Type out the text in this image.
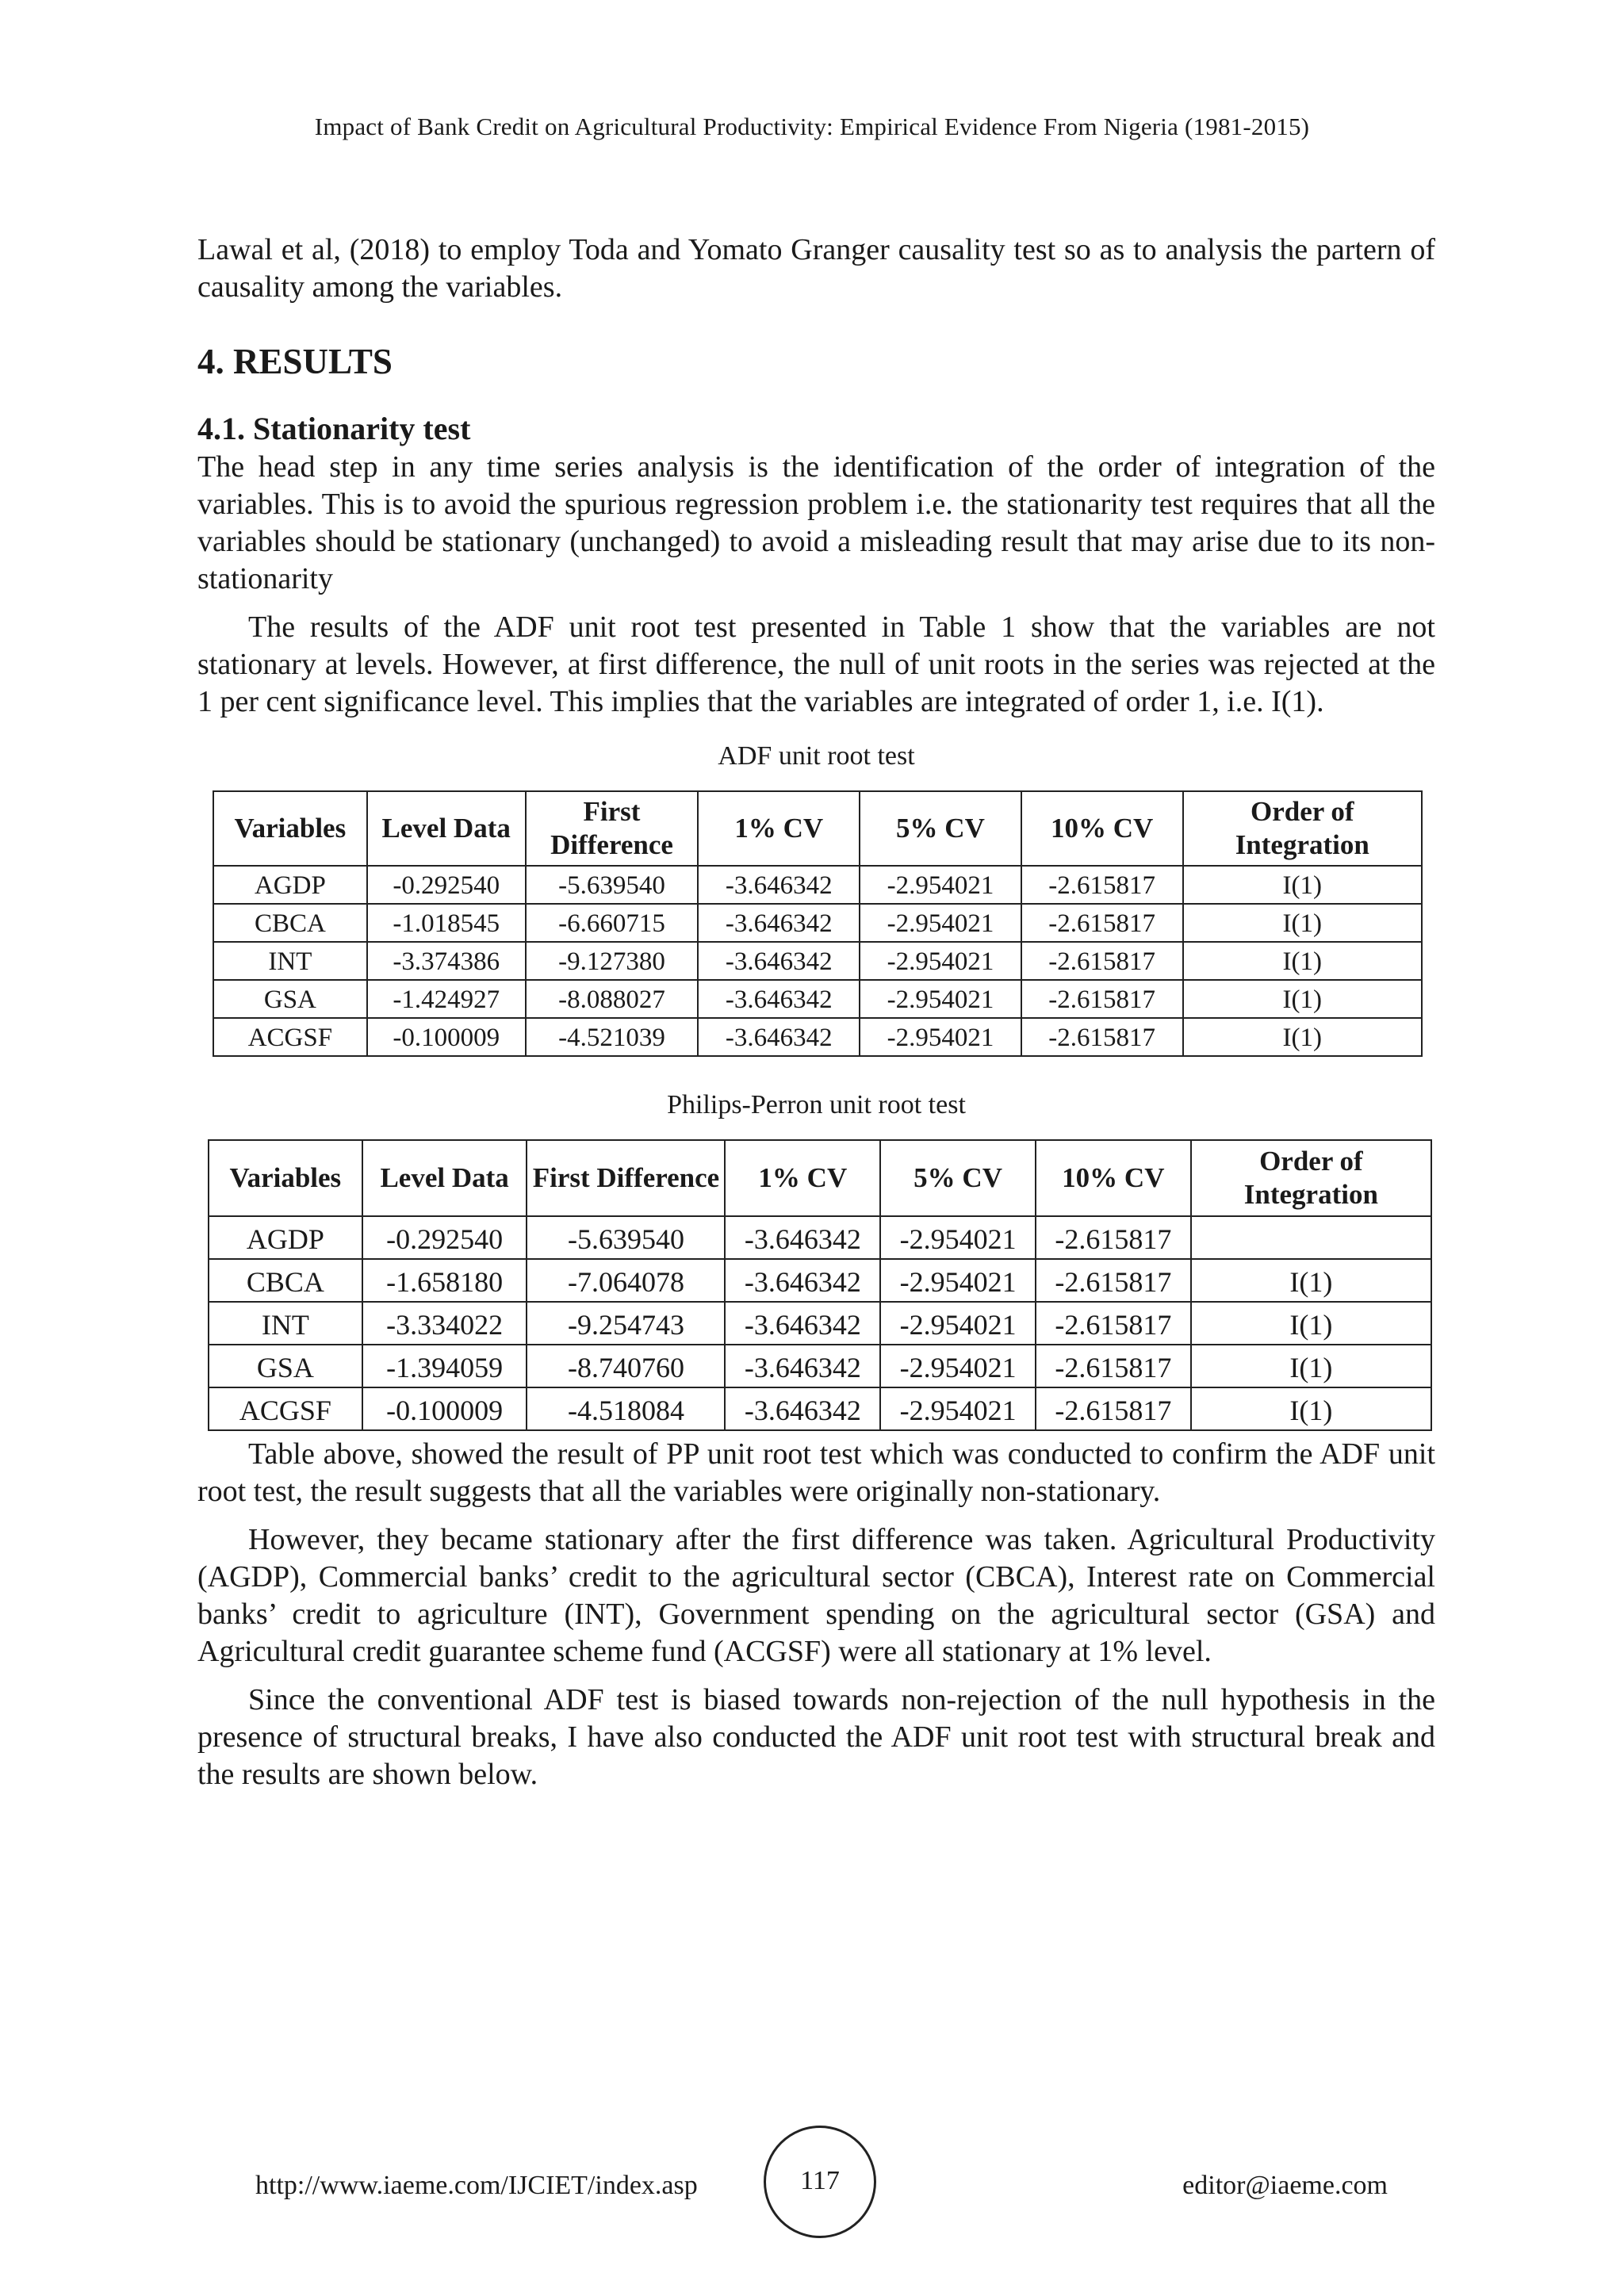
Impact of Bank Credit on Agricultural Productivity: Empirical Evidence From Nigeria (1981-2015)

Lawal et al, (2018) to employ Toda and Yomato Granger causality test so as to analysis the partern of causality among the variables.

4. RESULTS
4.1. Stationarity test

The head step in any time series analysis is the identification of the order of integration of the variables. This is to avoid the spurious regression problem i.e. the stationarity test requires that all the variables should be stationary (unchanged) to avoid a misleading result that may arise due to its non-stationarity

The results of the ADF unit root test presented in Table 1 show that the variables are not stationary at levels. However, at first difference, the null of unit roots in the series was rejected at the 1 per cent significance level. This implies that the variables are integrated of order 1, i.e. I(1).

ADF unit root test
Variables	Level Data	First Difference	1% CV	5% CV	10% CV	Order of Integration
AGDP	-0.292540	-5.639540	-3.646342	-2.954021	-2.615817	I(1)
CBCA	-1.018545	-6.660715	-3.646342	-2.954021	-2.615817	I(1)
INT	-3.374386	-9.127380	-3.646342	-2.954021	-2.615817	I(1)
GSA	-1.424927	-8.088027	-3.646342	-2.954021	-2.615817	I(1)
ACGSF	-0.100009	-4.521039	-3.646342	-2.954021	-2.615817	I(1)
Philips-Perron unit root test
Variables	Level Data	First Difference	1% CV	5% CV	10% CV	Order of Integration
AGDP	-0.292540	-5.639540	-3.646342	-2.954021	-2.615817	
CBCA	-1.658180	-7.064078	-3.646342	-2.954021	-2.615817	I(1)
INT	-3.334022	-9.254743	-3.646342	-2.954021	-2.615817	I(1)
GSA	-1.394059	-8.740760	-3.646342	-2.954021	-2.615817	I(1)
ACGSF	-0.100009	-4.518084	-3.646342	-2.954021	-2.615817	I(1)

Table above, showed the result of PP unit root test which was conducted to confirm the ADF unit root test, the result suggests that all the variables were originally non-stationary.

However, they became stationary after the first difference was taken. Agricultural Productivity (AGDP), Commercial banks’ credit to the agricultural sector (CBCA), Interest rate on Commercial banks’ credit to agriculture (INT), Government spending on the agricultural sector (GSA) and Agricultural credit guarantee scheme fund (ACGSF) were all stationary at 1% level.

Since the conventional ADF test is biased towards non-rejection of the null hypothesis in the presence of structural breaks, I have also conducted the ADF unit root test with structural break and the results are shown below.

http://www.iaeme.com/IJCIET/index.asp	117	editor@iaeme.com
